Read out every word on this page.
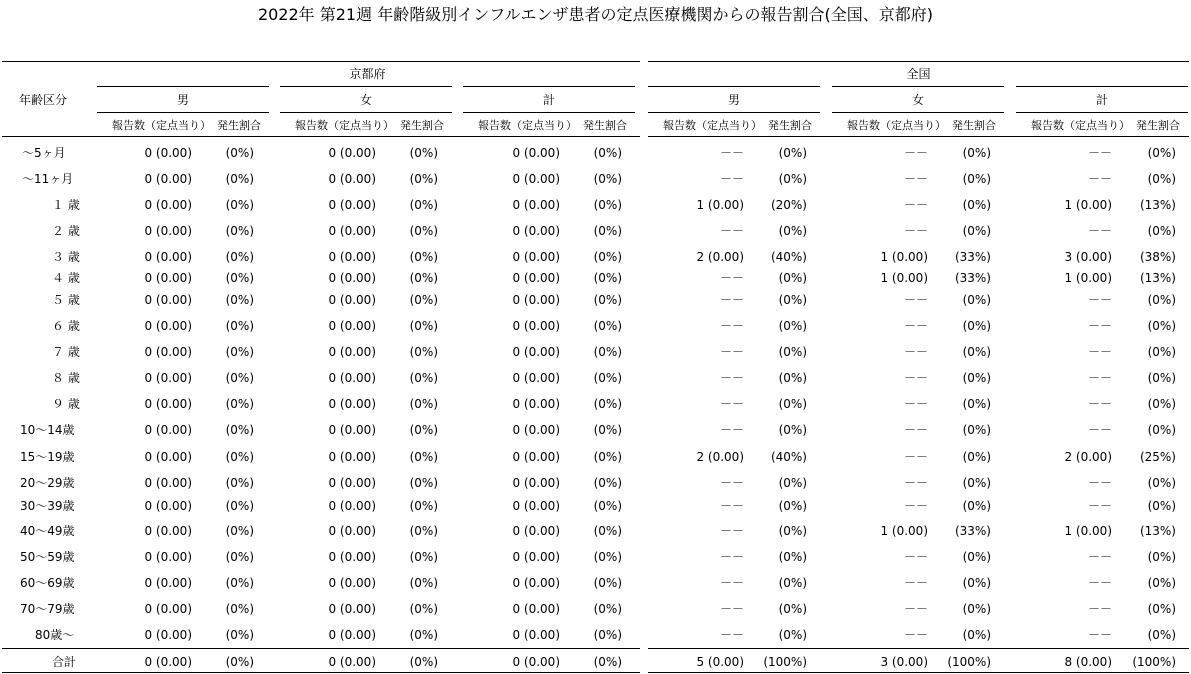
2022年 第21週 年齢階級別インフルエンザ患者の定点医療機関からの報告割合(全国、京都府)
年齢区分
京都府	全国
男
報告数（定点当り） 発生割合
女
報告数（定点当り） 発生割合
計
報告数（定点当り） 発生割合
男
報告数（定点当り） 発生割合
女
報告数（定点当り） 発生割合
計
報告数（定点当り） 発生割合
～5ヶ月	0 (0.00)	(0%)	0 (0.00)	(0%)	0 (0.00)	(0%)	－－	(0%)	－－	(0%)	－－	(0%)
～11ヶ月	0 (0.00)	(0%)	0 (0.00)	(0%)	0 (0.00)	(0%)	－－	(0%)	－－	(0%)	－－	(0%)
１ 歳	0 (0.00)	(0%)	0 (0.00)	(0%)	0 (0.00)	(0%)	1 (0.00)	(20%)	－－	(0%)	1 (0.00)	(13%)
２ 歳	0 (0.00)	(0%)	0 (0.00)	(0%)	0 (0.00)	(0%)	－－	(0%)	－－	(0%)	－－	(0%)
３ 歳	0 (0.00)	(0%)	0 (0.00)	(0%)	0 (0.00)	(0%)	2 (0.00)	(40%)	1 (0.00)	(33%)	3 (0.00)	(38%)
４ 歳	0 (0.00)	(0%)	0 (0.00)	(0%)	0 (0.00)	(0%)	－－	(0%)	1 (0.00)	(33%)	1 (0.00)	(13%)
５ 歳	0 (0.00)	(0%)	0 (0.00)	(0%)	0 (0.00)	(0%)	－－	(0%)	－－	(0%)	－－	(0%)
６ 歳	0 (0.00)	(0%)	0 (0.00)	(0%)	0 (0.00)	(0%)	－－	(0%)	－－	(0%)	－－	(0%)
７ 歳	0 (0.00)	(0%)	0 (0.00)	(0%)	0 (0.00)	(0%)	－－	(0%)	－－	(0%)	－－	(0%)
８ 歳	0 (0.00)	(0%)	0 (0.00)	(0%)	0 (0.00)	(0%)	－－	(0%)	－－	(0%)	－－	(0%)
９ 歳	0 (0.00)	(0%)	0 (0.00)	(0%)	0 (0.00)	(0%)	－－	(0%)	－－	(0%)	－－	(0%)
10～14歳	0 (0.00)	(0%)	0 (0.00)	(0%)	0 (0.00)	(0%)	－－	(0%)	－－	(0%)	－－	(0%)
15～19歳	0 (0.00)	(0%)	0 (0.00)	(0%)	0 (0.00)	(0%)	2 (0.00)	(40%)	－－	(0%)	2 (0.00)	(25%)
20～29歳	0 (0.00)	(0%)	0 (0.00)	(0%)	0 (0.00)	(0%)	－－	(0%)	－－	(0%)	－－	(0%)
30～39歳	0 (0.00)	(0%)	0 (0.00)	(0%)	0 (0.00)	(0%)	－－	(0%)	－－	(0%)	－－	(0%)
40～49歳	0 (0.00)	(0%)	0 (0.00)	(0%)	0 (0.00)	(0%)	－－	(0%)	1 (0.00)	(33%)	1 (0.00)	(13%)
50～59歳	0 (0.00)	(0%)	0 (0.00)	(0%)	0 (0.00)	(0%)	－－	(0%)	－－	(0%)	－－	(0%)
60～69歳	0 (0.00)	(0%)	0 (0.00)	(0%)	0 (0.00)	(0%)	－－	(0%)	－－	(0%)	－－	(0%)
70～79歳	0 (0.00)	(0%)	0 (0.00)	(0%)	0 (0.00)	(0%)	－－	(0%)	－－	(0%)	－－	(0%)
80歳～	0 (0.00)	(0%)	0 (0.00)	(0%)	0 (0.00)	(0%)	－－	(0%)	－－	(0%)	－－	(0%)
合計	0 (0.00)	(0%)	0 (0.00)	(0%)	0 (0.00)	(0%)	5 (0.00)	(100%)	3 (0.00)	(100%)	8 (0.00)	(100%)
